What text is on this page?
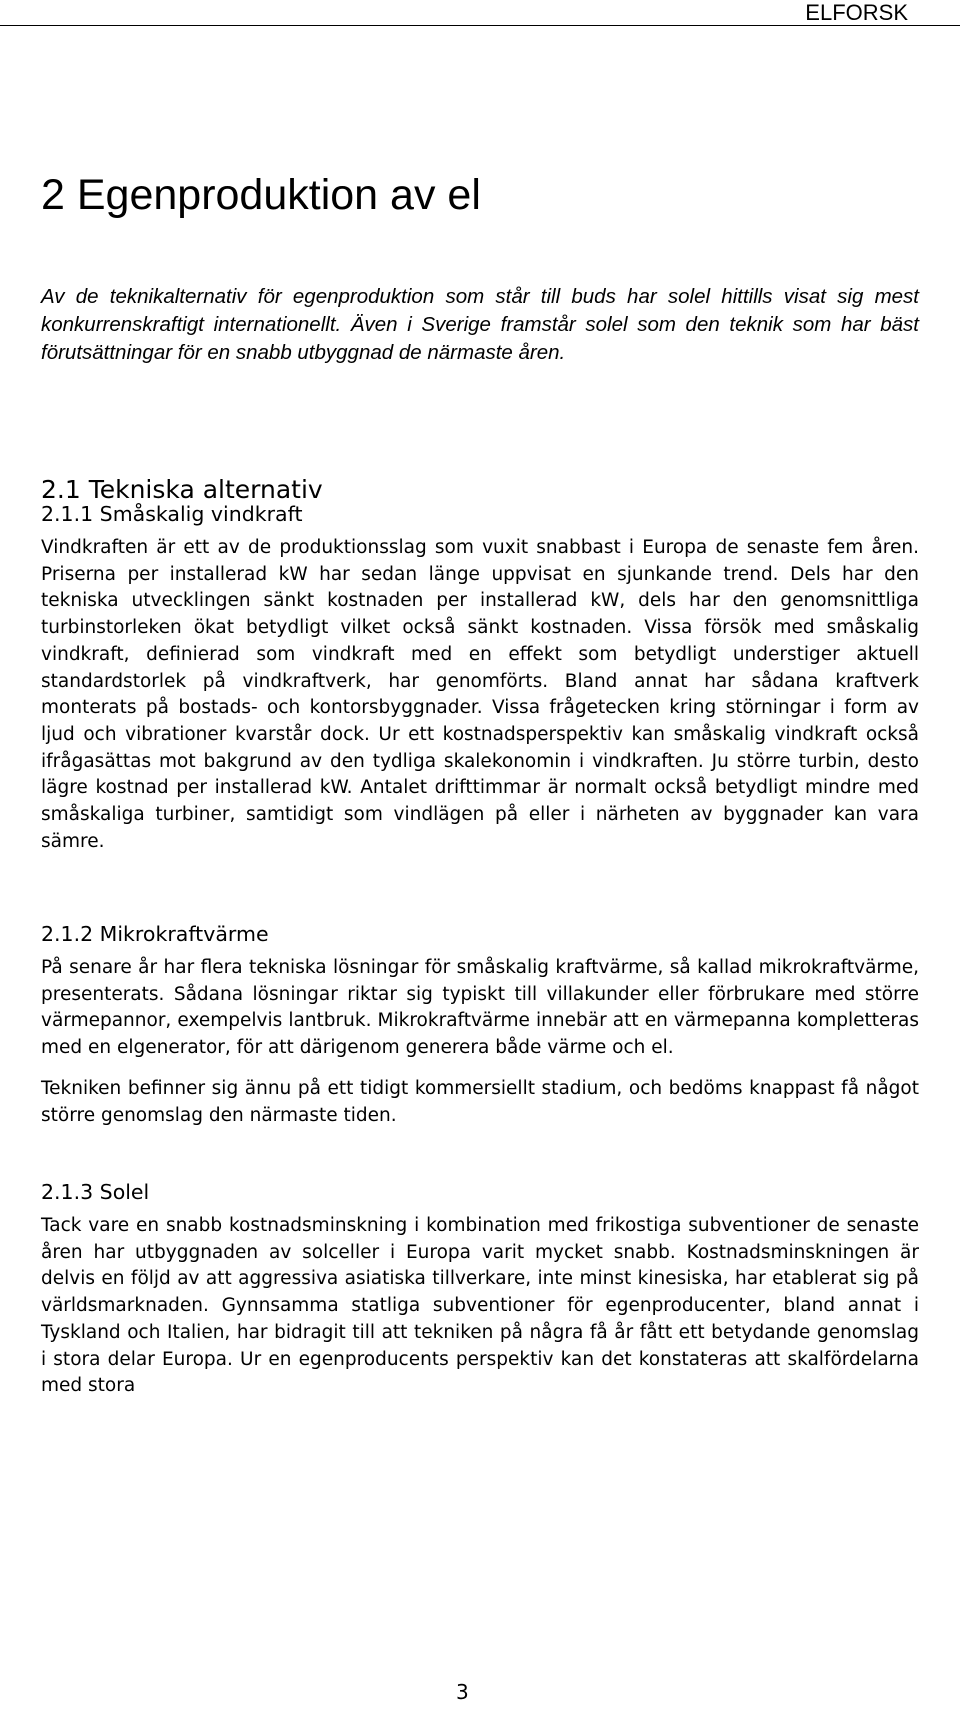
ELFORSK
2 Egenproduktion av el

Av de teknikalternativ för egenproduktion som står till buds har solel hittills visat sig mest konkurrenskraftigt internationellt. Även i Sverige framstår solel som den teknik som har bäst förutsättningar för en snabb utbyggnad de närmaste åren.

2.1 Tekniska alternativ
2.1.1 Småskalig vindkraft

Vindkraften är ett av de produktionsslag som vuxit snabbast i Europa de senaste fem åren. Priserna per installerad kW har sedan länge uppvisat en sjunkande trend. Dels har den tekniska utvecklingen sänkt kostnaden per installerad kW, dels har den genomsnittliga turbinstorleken ökat betydligt vilket också sänkt kostnaden. Vissa försök med småskalig vindkraft, definierad som vindkraft med en effekt som betydligt understiger aktuell standardstorlek på vindkraftverk, har genomförts. Bland annat har sådana kraftverk monterats på bostads- och kontorsbyggnader. Vissa frågetecken kring störningar i form av ljud och vibrationer kvarstår dock. Ur ett kostnadsperspektiv kan småskalig vindkraft också ifrågasättas mot bakgrund av den tydliga skalekonomin i vindkraften. Ju större turbin, desto lägre kostnad per installerad kW. Antalet drifttimmar är normalt också betydligt mindre med småskaliga turbiner, samtidigt som vindlägen på eller i närheten av byggnader kan vara sämre.

2.1.2 Mikrokraftvärme

På senare år har flera tekniska lösningar för småskalig kraftvärme, så kallad mikrokraftvärme, presenterats. Sådana lösningar riktar sig typiskt till villakunder eller förbrukare med större värmepannor, exempelvis lantbruk. Mikrokraftvärme innebär att en värmepanna kompletteras med en elgenerator, för att därigenom generera både värme och el.

Tekniken befinner sig ännu på ett tidigt kommersiellt stadium, och bedöms knappast få något större genomslag den närmaste tiden.

2.1.3 Solel

Tack vare en snabb kostnadsminskning i kombination med frikostiga subventioner de senaste åren har utbyggnaden av solceller i Europa varit mycket snabb. Kostnadsminskningen är delvis en följd av att aggressiva asiatiska tillverkare, inte minst kinesiska, har etablerat sig på världsmarknaden. Gynnsamma statliga subventioner för egenproducenter, bland annat i Tyskland och Italien, har bidragit till att tekniken på några få år fått ett betydande genomslag i stora delar Europa. Ur en egenproducents perspektiv kan det konstateras att skalfördelarna med stora

3
